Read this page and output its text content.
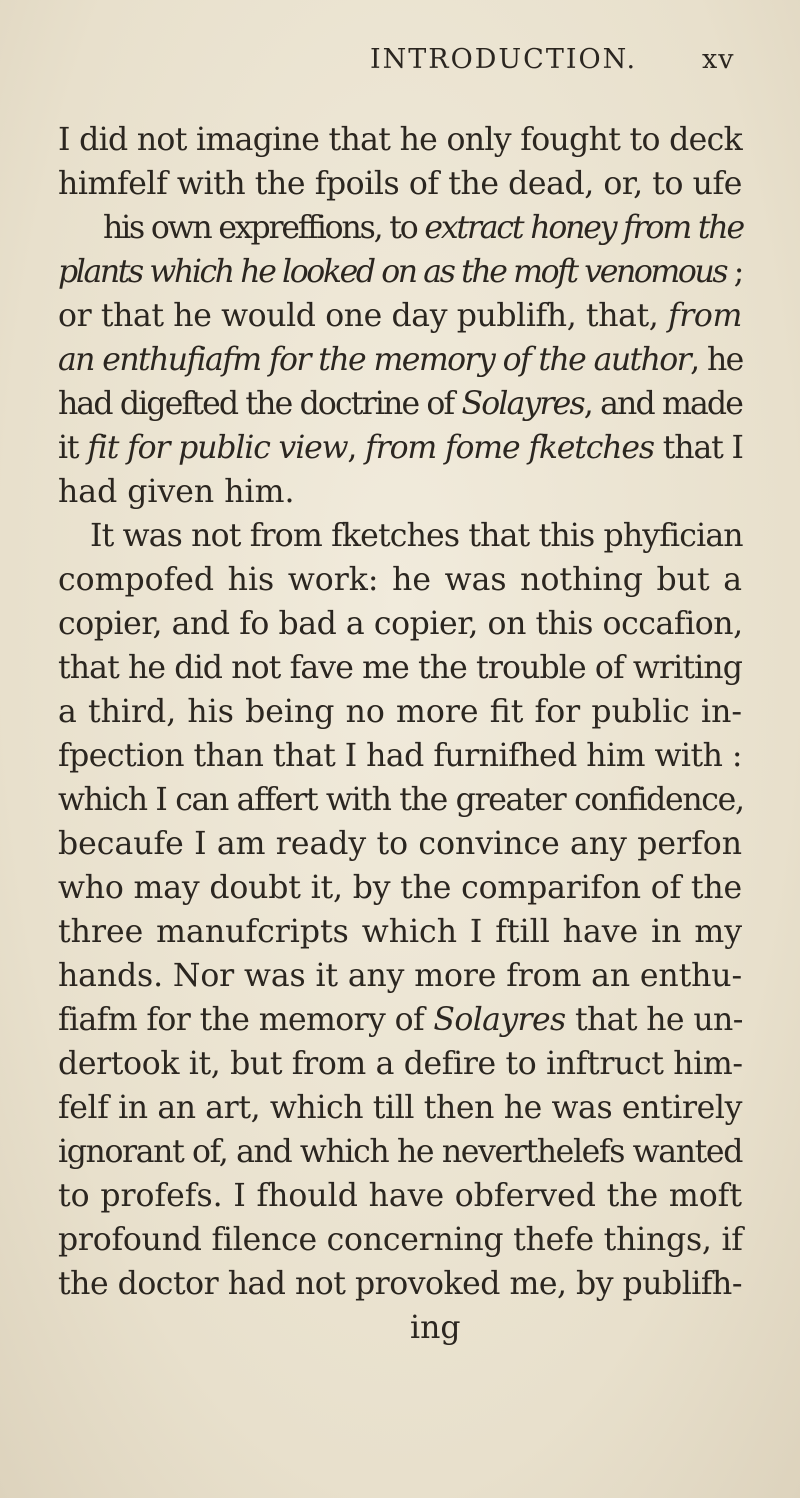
INTRODUCTION. xv
I did not imagine that he only fought to deck
himfelf with the fpoils of the dead, or, to ufe
his own expreffions, to extract honey from the
plants which he looked on as the moft venomous ;
or that he would one day publifh, that, from
an enthufiafm for the memory of the author, he
had digefted the doctrine of Solayres, and made
it fit for public view, from fome fketches that I
had given him.
It was not from fketches that this phyfician
compofed his work: he was nothing but a
copier, and fo bad a copier, on this occafion,
that he did not fave me the trouble of writing
a third, his being no more fit for public in-
fpection than that I had furnifhed him with :
which I can affert with the greater confidence,
becaufe I am ready to convince any perfon
who may doubt it, by the comparifon of the
three manufcripts which I ftill have in my
hands. Nor was it any more from an enthu-
fiafm for the memory of Solayres that he un-
dertook it, but from a defire to inftruct him-
felf in an art, which till then he was entirely
ignorant of, and which he neverthelefs wanted
to profefs. I fhould have obferved the moft
profound filence concerning thefe things, if
the doctor had not provoked me, by publifh-
ing
